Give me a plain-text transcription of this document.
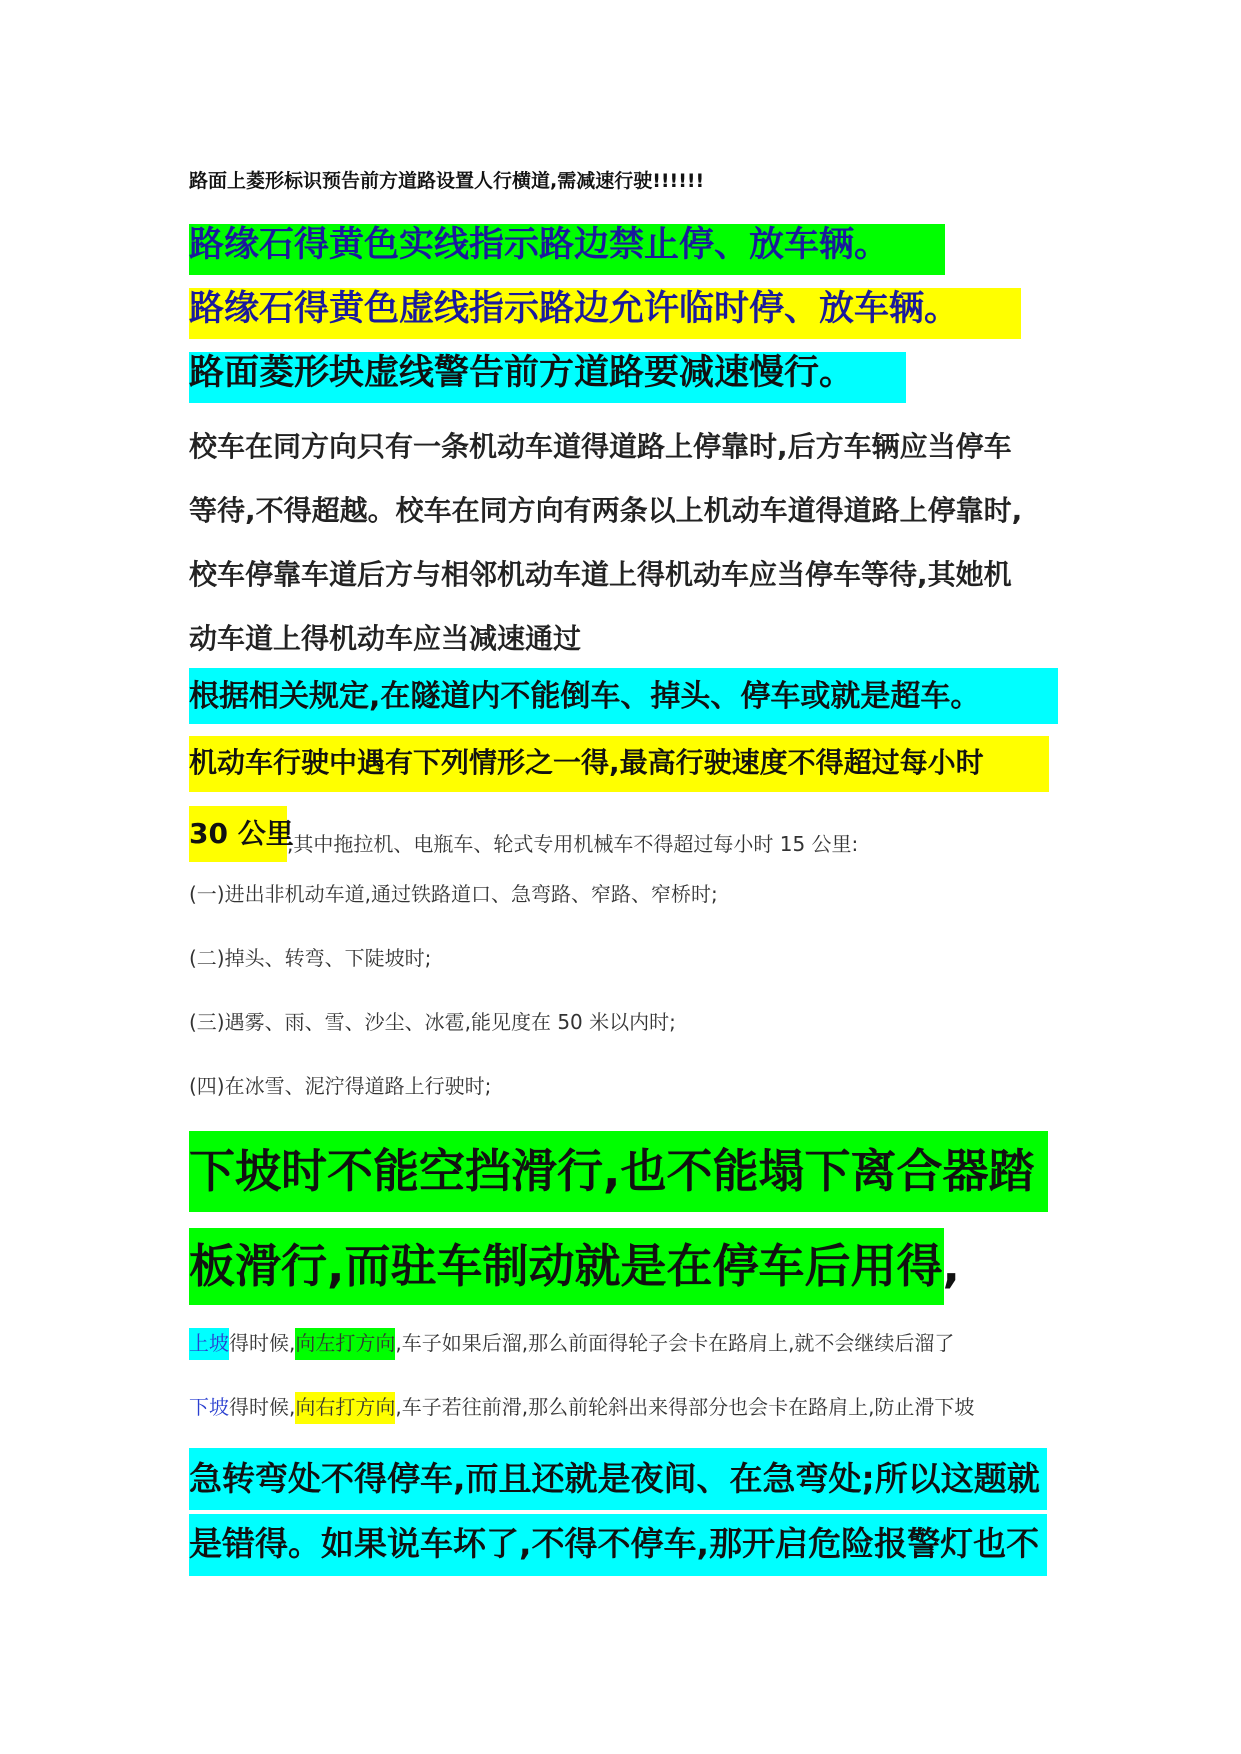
路面上菱形标识预告前方道路设置人行横道,需减速行驶!!!!!!
路缘石得黄色实线指示路边禁止停、放车辆。
路缘石得黄色虚线指示路边允许临时停、放车辆。
路面菱形块虚线警告前方道路要减速慢行。
校车在同方向只有一条机动车道得道路上停靠时,后方车辆应当停车
等待,不得超越。校车在同方向有两条以上机动车道得道路上停靠时,
校车停靠车道后方与相邻机动车道上得机动车应当停车等待,其她机
动车道上得机动车应当减速通过
根据相关规定,在隧道内不能倒车、掉头、停车或就是超车。
机动车行驶中遇有下列情形之一得,最高行驶速度不得超过每小时
30 公里,其中拖拉机、电瓶车、轮式专用机械车不得超过每小时 15 公里:
(一)进出非机动车道,通过铁路道口、急弯路、窄路、窄桥时;
(二)掉头、转弯、下陡坡时;
(三)遇雾、雨、雪、沙尘、冰雹,能见度在 50 米以内时;
(四)在冰雪、泥泞得道路上行驶时;
下坡时不能空挡滑行,也不能塌下离合器踏
板滑行,而驻车制动就是在停车后用得,
上坡得时候,向左打方向,车子如果后溜,那么前面得轮子会卡在路肩上,就不会继续后溜了
下坡得时候,向右打方向,车子若往前滑,那么前轮斜出来得部分也会卡在路肩上,防止滑下坡
急转弯处不得停车,而且还就是夜间、在急弯处;所以这题就
是错得。如果说车坏了,不得不停车,那开启危险报警灯也不
